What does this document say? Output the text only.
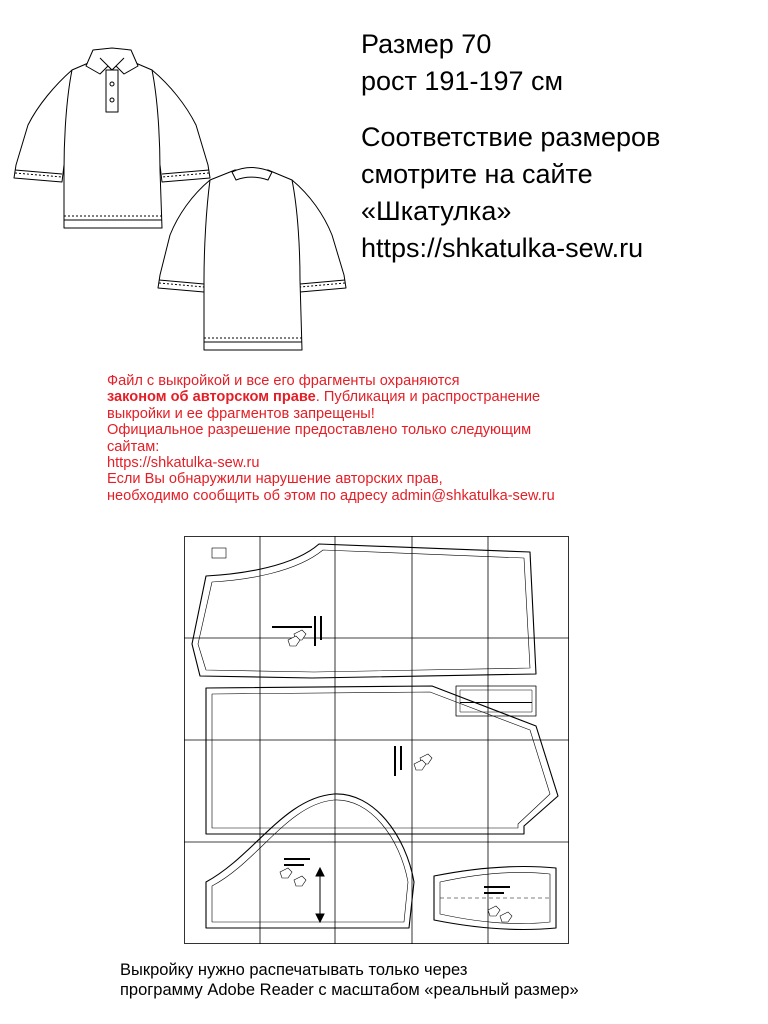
Размер 70
рост 191-197 см
Соответствие размеров
смотрите на сайте
«Шкатулка»
https://shkatulka-sew.ru
Файл с выкройкой и все его фрагменты охраняются
законом об авторском праве. Публикация и распространение
выкройки и ее фрагментов запрещены!
Официальное разрешение предоставлено только следующим
сайтам:
https://shkatulka-sew.ru
Если Вы обнаружили нарушение авторских прав,
необходимо сообщить об этом по адресу admin@shkatulka-sew.ru
Выкройку нужно распечатывать только через
программу Adobe Reader с масштабом «реальный размер»
